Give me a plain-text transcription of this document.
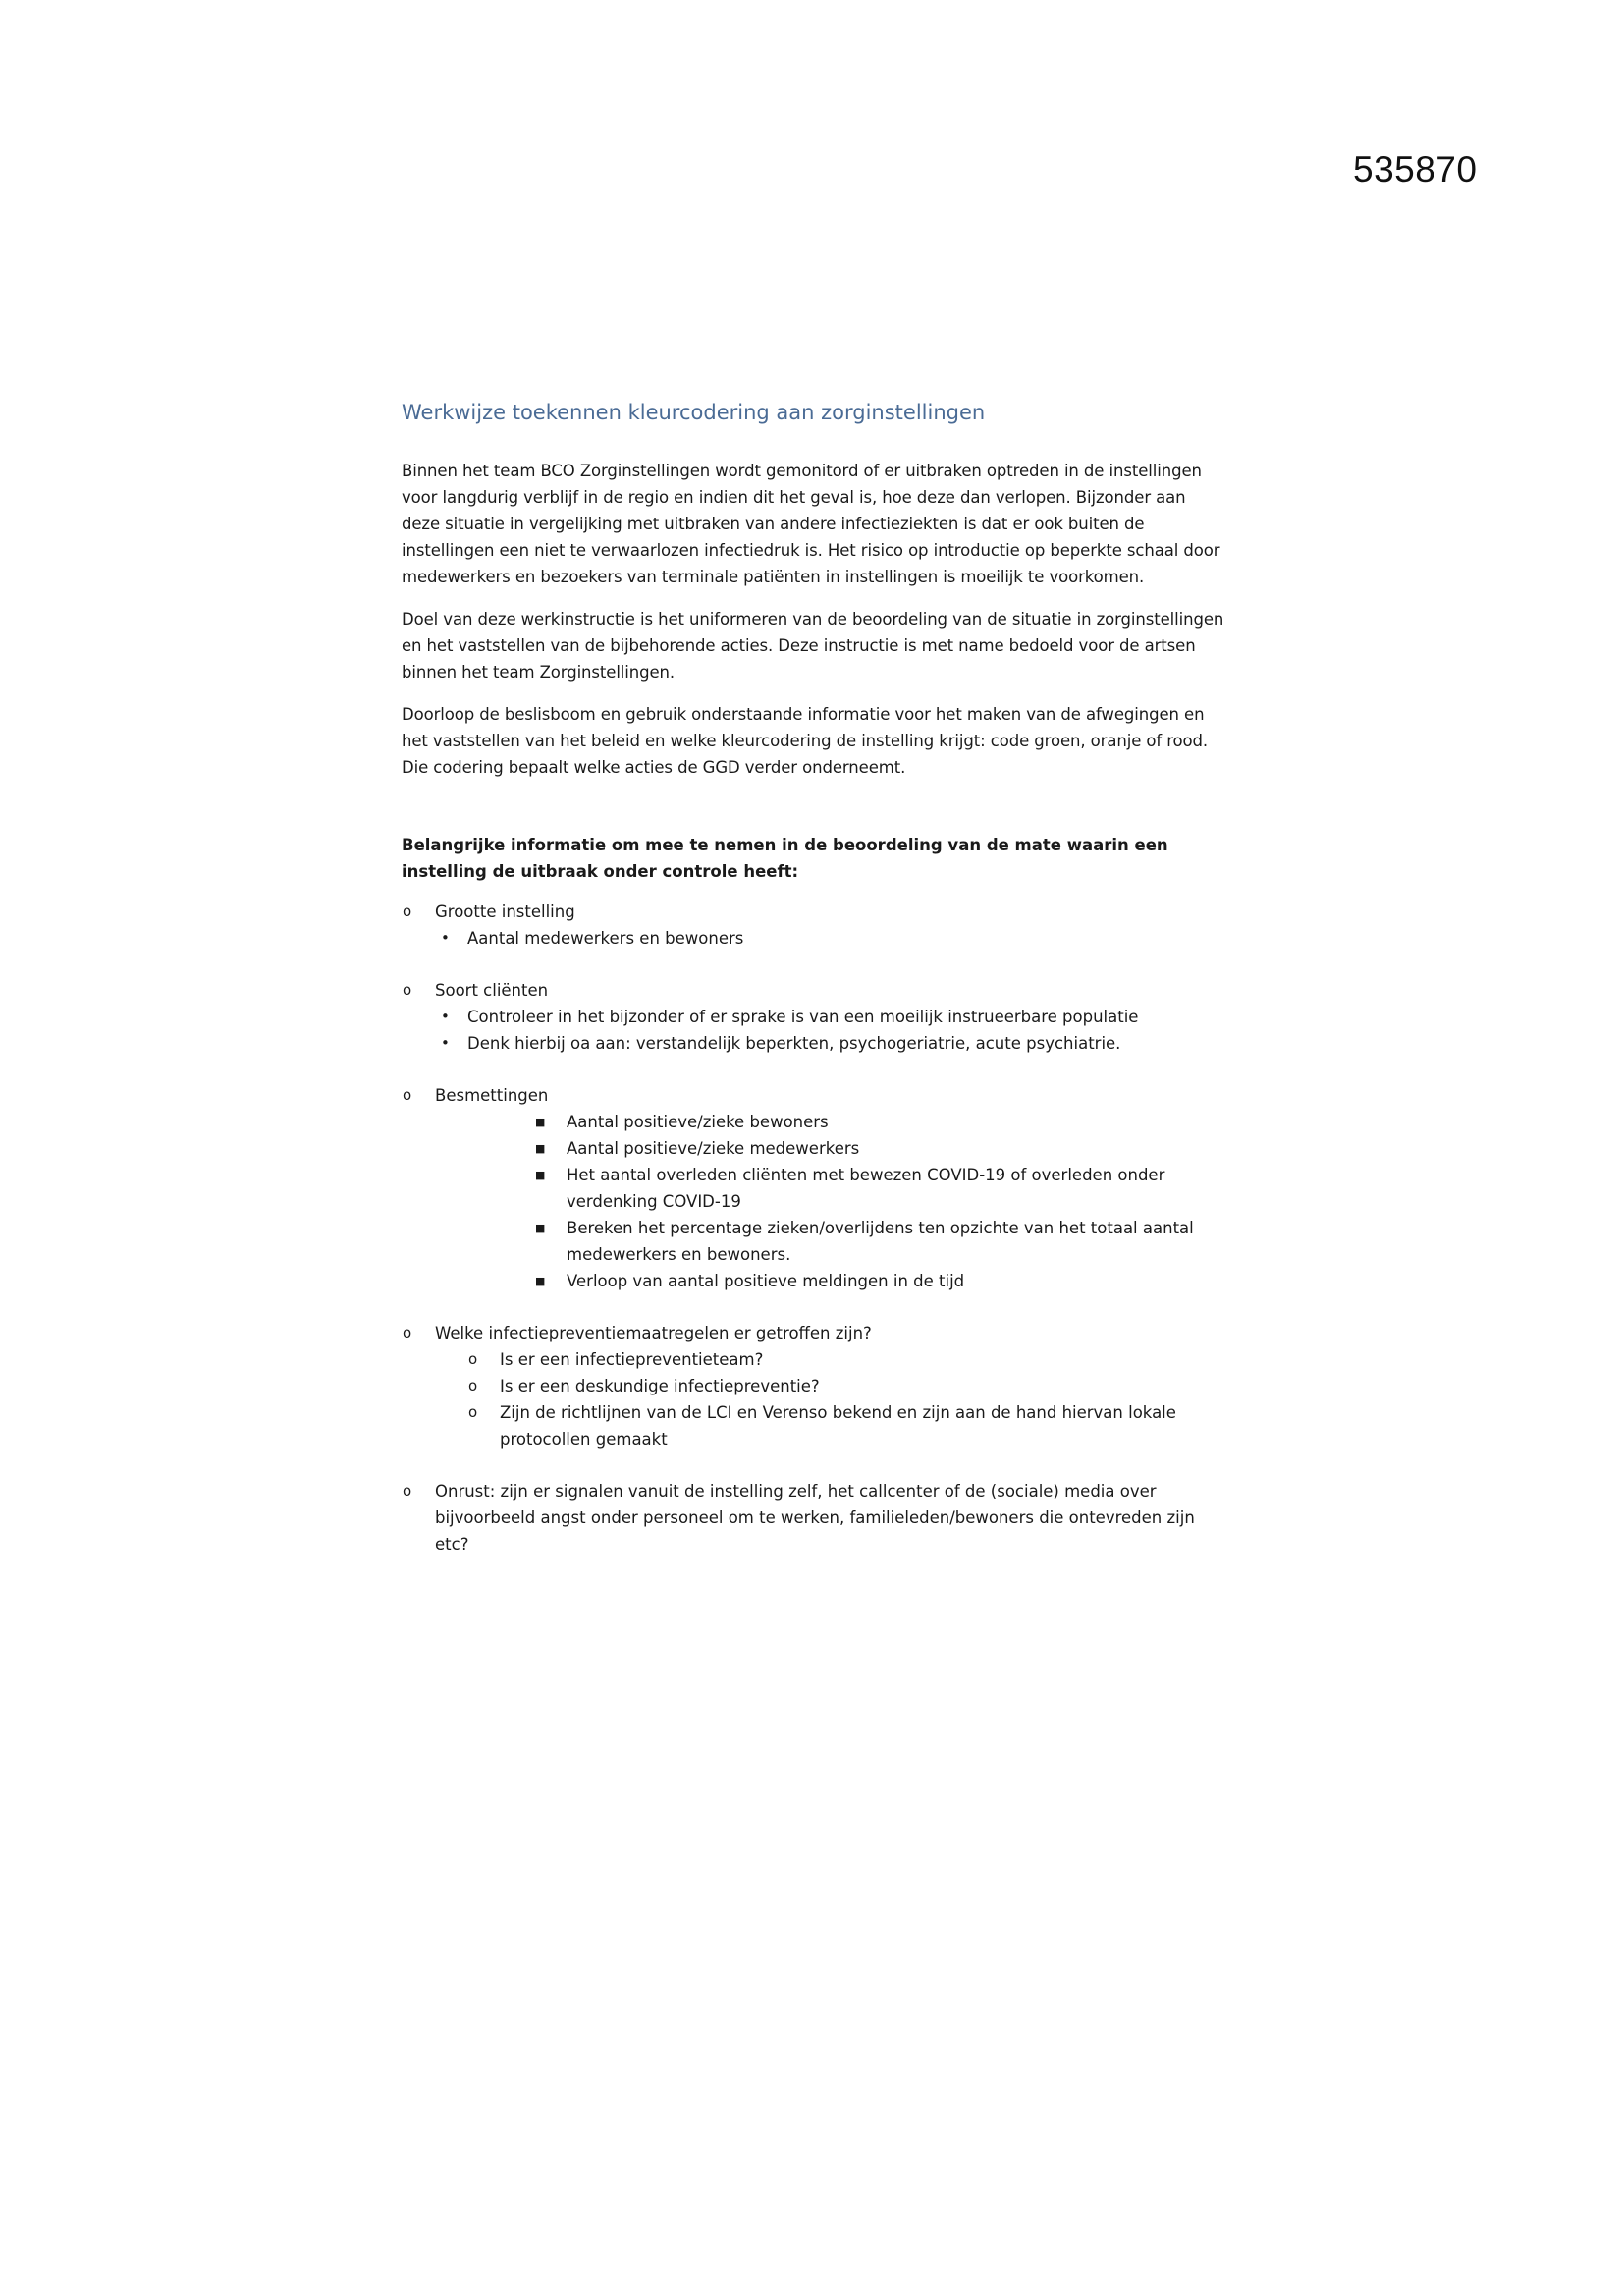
535870
Werkwijze toekennen kleurcodering aan zorginstellingen

Binnen het team BCO Zorginstellingen wordt gemonitord of er uitbraken optreden in de instellingen voor langdurig verblijf in de regio en indien dit het geval is, hoe deze dan verlopen. Bijzonder aan deze situatie in vergelijking met uitbraken van andere infectieziekten is dat er ook buiten de instellingen een niet te verwaarlozen infectiedruk is. Het risico op introductie op beperkte schaal door medewerkers en bezoekers van terminale patiënten in instellingen is moeilijk te voorkomen.

Doel van deze werkinstructie is het uniformeren van de beoordeling van de situatie in zorginstellingen en het vaststellen van de bijbehorende acties. Deze instructie is met name bedoeld voor de artsen binnen het team Zorginstellingen.

Doorloop de beslisboom en gebruik onderstaande informatie voor het maken van de afwegingen en het vaststellen van het beleid en welke kleurcodering de instelling krijgt: code groen, oranje of rood. Die codering bepaalt welke acties de GGD verder onderneemt.

Belangrijke informatie om mee te nemen in de beoordeling van de mate waarin een instelling de uitbraak onder controle heeft:

o Grootte instelling
• Aantal medewerkers en bewoners
o Soort cliënten
• Controleer in het bijzonder of er sprake is van een moeilijk instrueerbare populatie
• Denk hierbij oa aan: verstandelijk beperkten, psychogeriatrie, acute psychiatrie.
o Besmettingen
■ Aantal positieve/zieke bewoners
■ Aantal positieve/zieke medewerkers
■ Het aantal overleden cliënten met bewezen COVID-19 of overleden onder verdenking COVID-19
■ Bereken het percentage zieken/overlijdens ten opzichte van het totaal aantal medewerkers en bewoners.
■ Verloop van aantal positieve meldingen in de tijd
o Welke infectiepreventiemaatregelen er getroffen zijn?
o Is er een infectiepreventieteam?
o Is er een deskundige infectiepreventie?
o Zijn de richtlijnen van de LCI en Verenso bekend en zijn aan de hand hiervan lokale protocollen gemaakt
o Onrust: zijn er signalen vanuit de instelling zelf, het callcenter of de (sociale) media over bijvoorbeeld angst onder personeel om te werken, familieleden/bewoners die ontevreden zijn etc?
